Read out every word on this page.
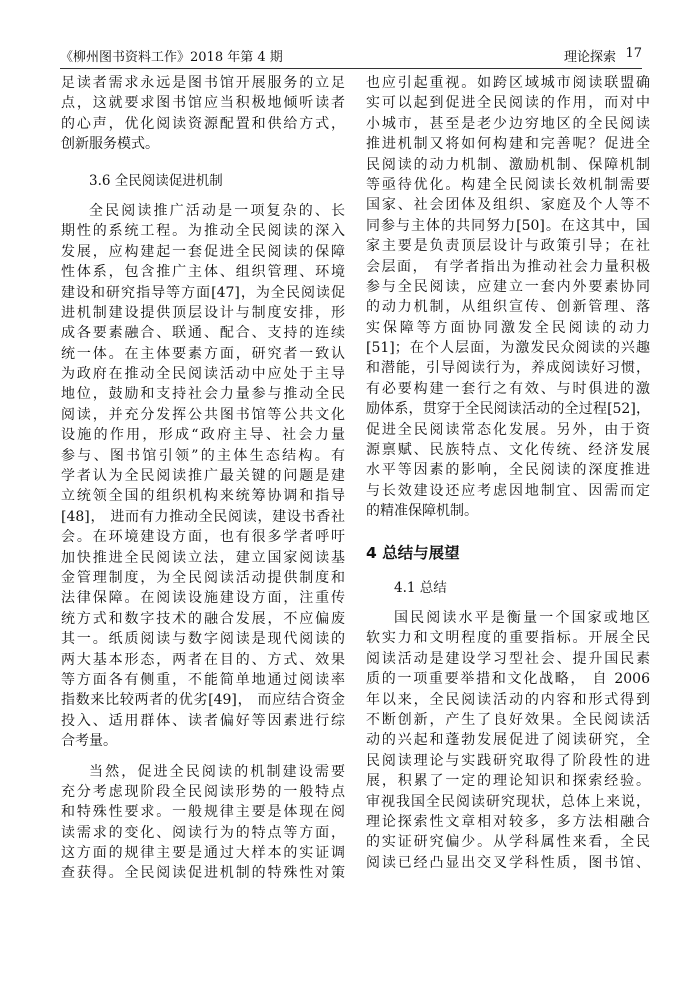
《柳州图书资料工作》2018 年第 4 期	理论探索 17
足读者需求永远是图书馆开展服务的立足
点，这就要求图书馆应当积极地倾听读者
的心声，优化阅读资源配置和供给方式，
创新服务模式。
3.6 全民阅读促进机制
全民阅读推广活动是一项复杂的、长
期性的系统工程。为推动全民阅读的深入
发展，应构建起一套促进全民阅读的保障
性体系，包含推广主体、组织管理、环境
建设和研究指导等方面[47]，为全民阅读促
进机制建设提供顶层设计与制度安排，形
成各要素融合、联通、配合、支持的连续
统一体。在主体要素方面，研究者一致认
为政府在推动全民阅读活动中应处于主导
地位，鼓励和支持社会力量参与推动全民
阅读，并充分发挥公共图书馆等公共文化
设施的作用，形成“政府主导、社会力量
参与、图书馆引领”的主体生态结构。有
学者认为全民阅读推广最关键的问题是建
立统领全国的组织机构来统筹协调和指导
[48]， 进而有力推动全民阅读，建设书香社
会。在环境建设方面，也有很多学者呼吁
加快推进全民阅读立法，建立国家阅读基
金管理制度，为全民阅读活动提供制度和
法律保障。在阅读设施建设方面，注重传
统方式和数字技术的融合发展，不应偏废
其一。纸质阅读与数字阅读是现代阅读的
两大基本形态，两者在目的、方式、效果
等方面各有侧重，不能简单地通过阅读率
指数来比较两者的优劣[49]， 而应结合资金
投入、适用群体、读者偏好等因素进行综
合考量。
当然，促进全民阅读的机制建设需要
充分考虑现阶段全民阅读形势的一般特点
和特殊性要求。一般规律主要是体现在阅
读需求的变化、阅读行为的特点等方面，
这方面的规律主要是通过大样本的实证调
查获得。全民阅读促进机制的特殊性对策
也应引起重视。如跨区域城市阅读联盟确
实可以起到促进全民阅读的作用，而对中
小城市，甚至是老少边穷地区的全民阅读
推进机制又将如何构建和完善呢？促进全
民阅读的动力机制、激励机制、保障机制
等亟待优化。构建全民阅读长效机制需要
国家、社会团体及组织、家庭及个人等不
同参与主体的共同努力[50]。在这其中，国
家主要是负责顶层设计与政策引导；在社
会层面， 有学者指出为推动社会力量积极
参与全民阅读，应建立一套内外要素协同
的动力机制，从组织宣传、创新管理、落
实保障等方面协同激发全民阅读的动力
[51]；在个人层面，为激发民众阅读的兴趣
和潜能，引导阅读行为，养成阅读好习惯，
有必要构建一套行之有效、与时俱进的激
励体系，贯穿于全民阅读活动的全过程[52]，
促进全民阅读常态化发展。另外，由于资
源禀赋、民族特点、文化传统、经济发展
水平等因素的影响，全民阅读的深度推进
与长效建设还应考虑因地制宜、因需而定
的精准保障机制。
4 总结与展望
4.1 总结
国民阅读水平是衡量一个国家或地区
软实力和文明程度的重要指标。开展全民
阅读活动是建设学习型社会、提升国民素
质的一项重要举措和文化战略， 自 2006
年以来，全民阅读活动的内容和形式得到
不断创新，产生了良好效果。全民阅读活
动的兴起和蓬勃发展促进了阅读研究，全
民阅读理论与实践研究取得了阶段性的进
展，积累了一定的理论知识和探索经验。
审视我国全民阅读研究现状，总体上来说，
理论探索性文章相对较多，多方法相融合
的实证研究偏少。从学科属性来看，全民
阅读已经凸显出交叉学科性质，图书馆、
